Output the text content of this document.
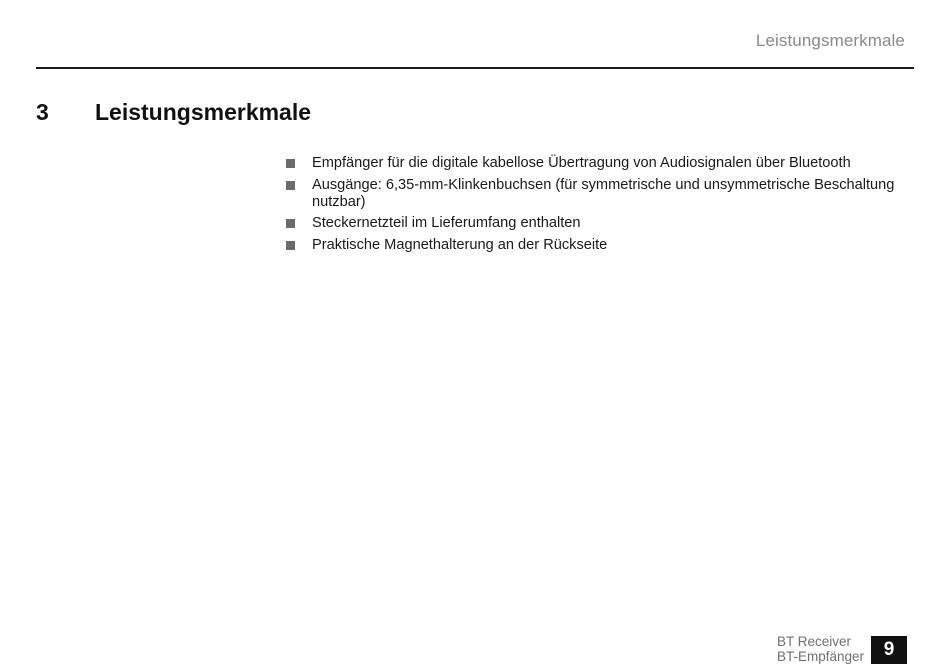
Leistungsmerkmale
3 Leistungsmerkmale
Empfänger für die digitale kabellose Übertragung von Audiosignalen über Bluetooth
Ausgänge: 6,35-mm-Klinkenbuchsen (für symmetrische und unsymmetrische Beschaltung nutzbar)
Steckernetzteil im Lieferumfang enthalten
Praktische Magnethalterung an der Rückseite
BT Receiver
BT-Empfänger	9
